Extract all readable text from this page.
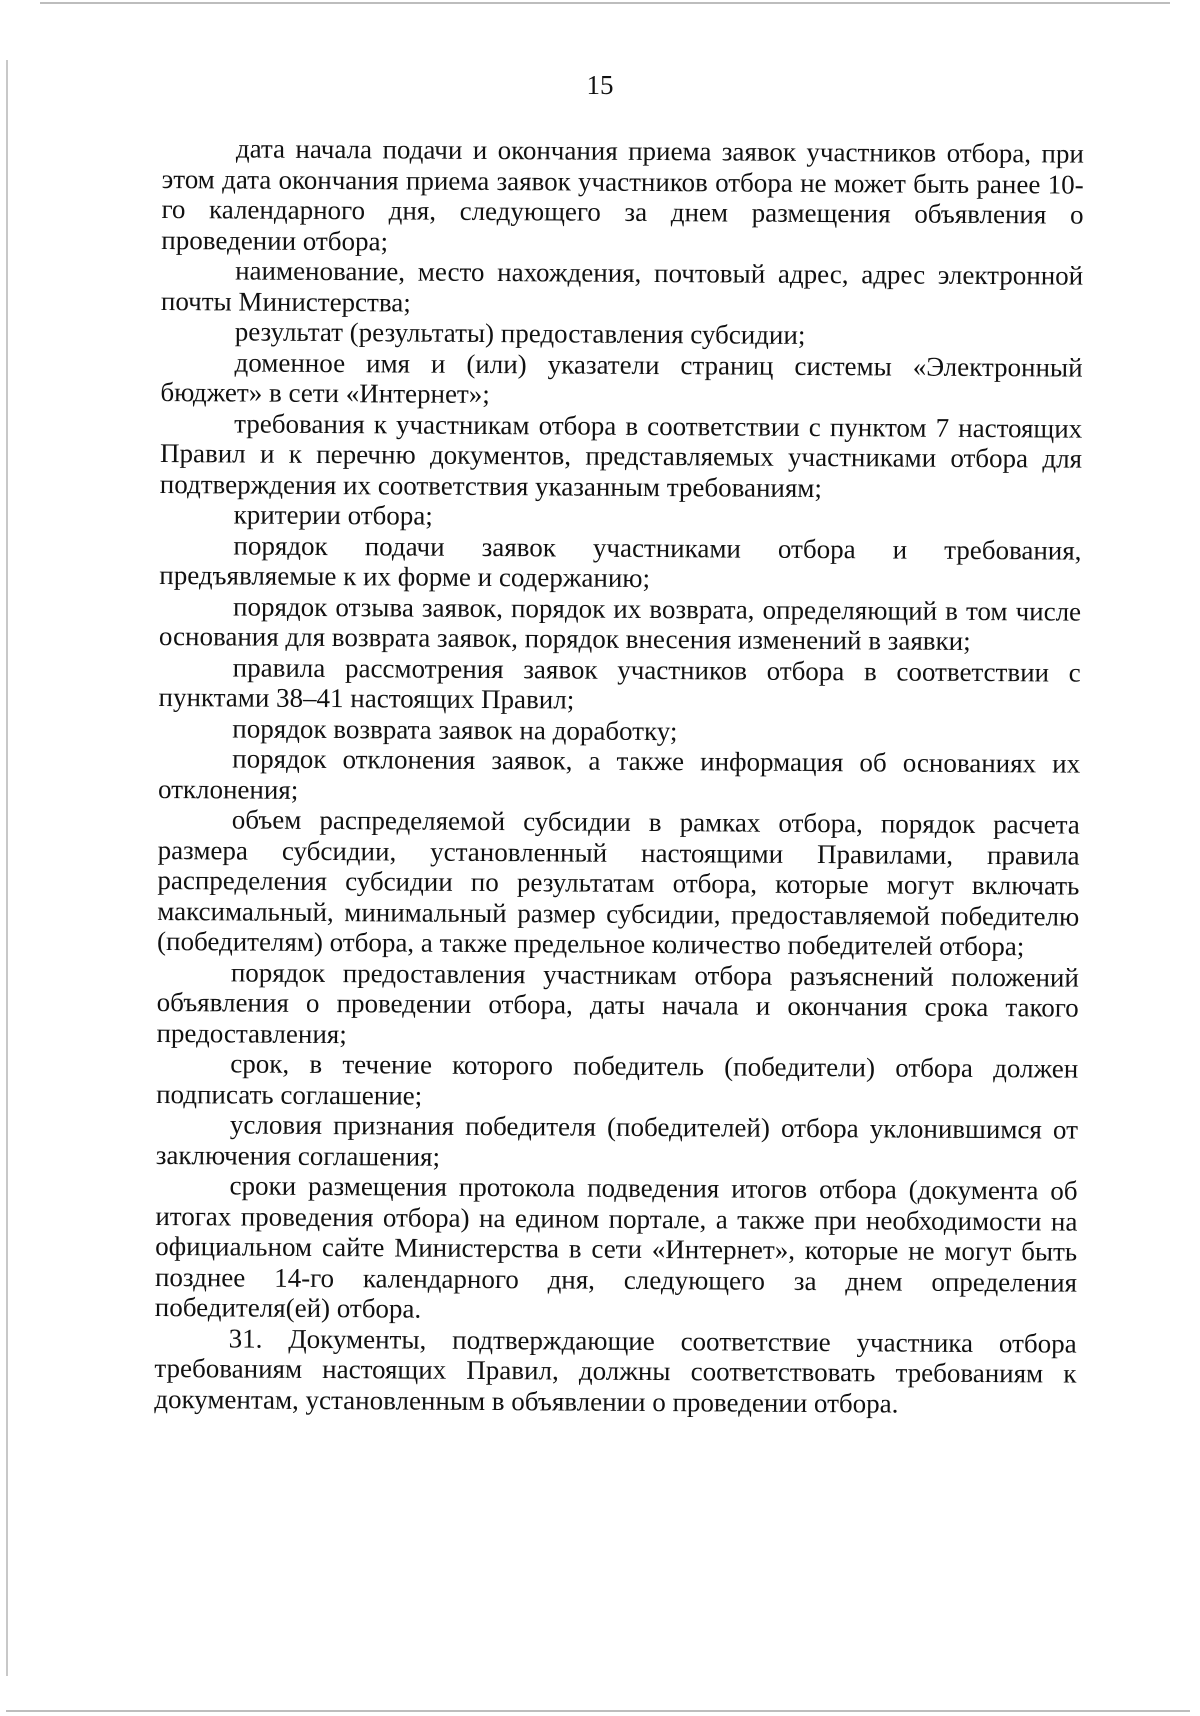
15

дата начала подачи и окончания приема заявок участников отбора, при этом дата окончания приема заявок участников отбора не может быть ранее 10-го календарного дня, следующего за днем размещения объявления о проведении отбора;

наименование, место нахождения, почтовый адрес, адрес электронной почты Министерства;

результат (результаты) предоставления субсидии;

доменное имя и (или) указатели страниц системы «Электронный бюджет» в сети «Интернет»;

требования к участникам отбора в соответствии с пунктом 7 настоящих Правил и к перечню документов, представляемых участниками отбора для подтверждения их соответствия указанным требованиям;

критерии отбора;

порядок подачи заявок участниками отбора и требования, предъявляемые к их форме и содержанию;

порядок отзыва заявок, порядок их возврата, определяющий в том числе основания для возврата заявок, порядок внесения изменений в заявки;

правила рассмотрения заявок участников отбора в соответствии с пунктами 38–41 настоящих Правил;

порядок возврата заявок на доработку;

порядок отклонения заявок, а также информация об основаниях их отклонения;

объем распределяемой субсидии в рамках отбора, порядок расчета размера субсидии, установленный настоящими Правилами, правила распределения субсидии по результатам отбора, которые могут включать максимальный, минимальный размер субсидии, предоставляемой победителю (победителям) отбора, а также предельное количество победителей отбора;

порядок предоставления участникам отбора разъяснений положений объявления о проведении отбора, даты начала и окончания срока такого предоставления;

срок, в течение которого победитель (победители) отбора должен подписать соглашение;

условия признания победителя (победителей) отбора уклонившимся от заключения соглашения;

сроки размещения протокола подведения итогов отбора (документа об итогах проведения отбора) на едином портале, а также при необходимости на официальном сайте Министерства в сети «Интернет», которые не могут быть позднее 14-го календарного дня, следующего за днем определения победителя(ей) отбора.

31. Документы, подтверждающие соответствие участника отбора требованиям настоящих Правил, должны соответствовать требованиям к документам, установленным в объявлении о проведении отбора.
